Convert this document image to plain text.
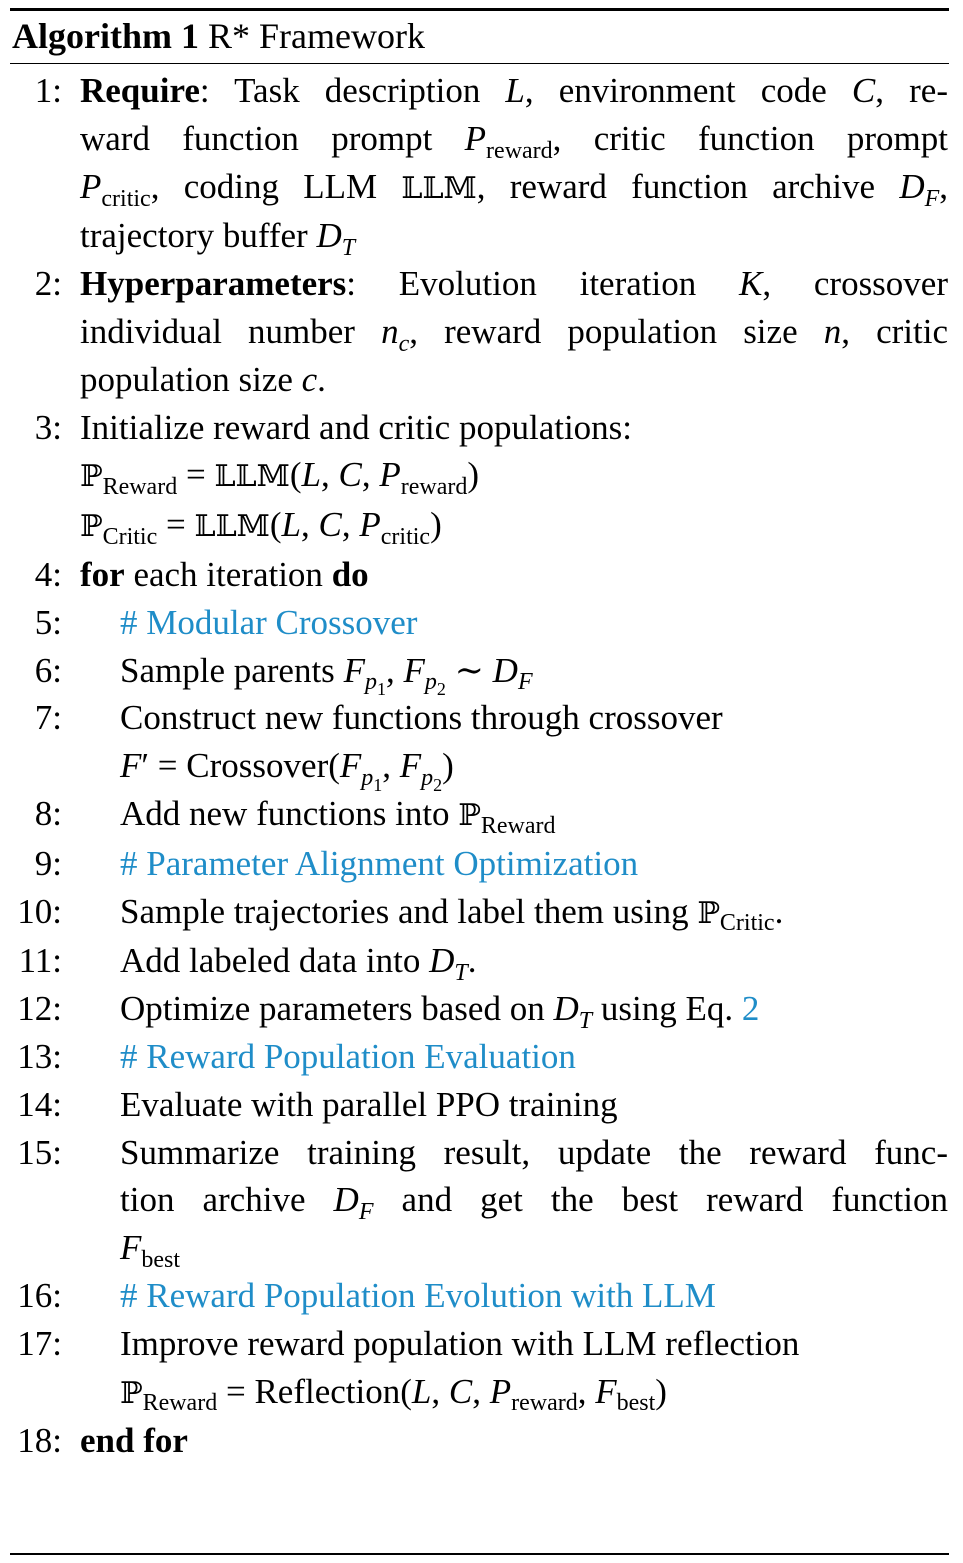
Algorithm 1 R* Framework
1: Require: Task description L, environment code C, re-
ward function prompt $P_{reward}$, critic function prompt
$P_{critic}$, coding LLM 𝕃𝕃𝕄, reward function archive $D_F$,
trajectory buffer $D_T$
2: Hyperparameters: Evolution iteration K, crossover
individual number $n_c$, reward population size n, critic
population size c.
3: Initialize reward and critic populations:
ℙ$_{Reward}$ = 𝕃𝕃𝕄(L, C, $P_{reward}$)
ℙ$_{Critic}$ = 𝕃𝕃𝕄(L, C, $P_{critic}$)
4: for each iteration do
5: # Modular Crossover
6: Sample parents $F_{p_1}$, $F_{p_2}$ ∼ $D_F$
7: Construct new functions through crossover
$F' = Crossover(F_{p_1}$, $F_{p_2}$)
8: Add new functions into ℙ$_{Reward}$
9: # Parameter Alignment Optimization
10: Sample trajectories and label them using ℙ$_{Critic}$.
11: Add labeled data into $D_T$.
12: Optimize parameters based on $D_T$ using Eq. 2
13: # Reward Population Evaluation
14: Evaluate with parallel PPO training
15: Summarize training result, update the reward func-
tion archive $D_F$ and get the best reward function
$F_{best}$
16: # Reward Population Evolution with LLM
17: Improve reward population with LLM reflection
ℙ$_{Reward}$ = Reflection(L, C, $P_{reward}$, $F_{best}$)
18: end for
